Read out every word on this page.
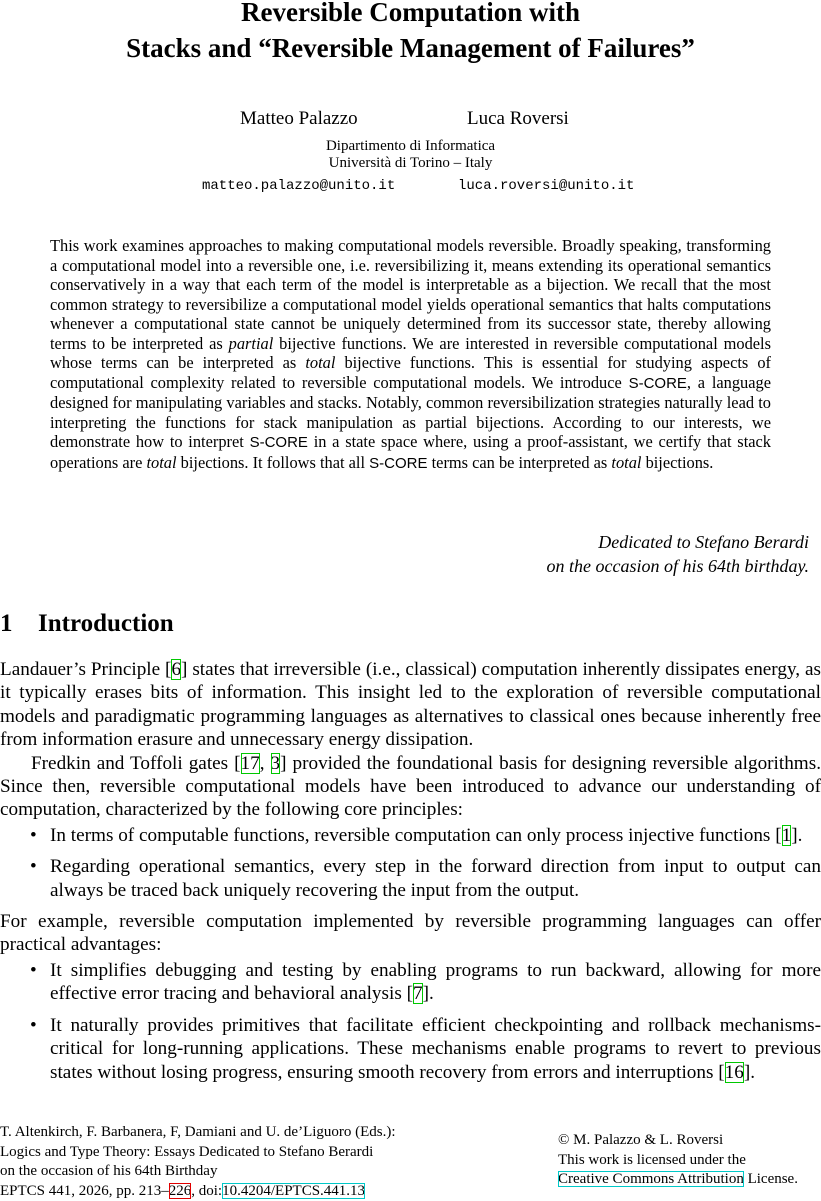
Reversible Computation with
Stacks and “Reversible Management of Failures”
Matteo Palazzo	Luca Roversi
Dipartimento di Informatica
Università di Torino – Italy
matteo.palazzo@unito.it	luca.roversi@unito.it

This work examines approaches to making computational models reversible. Broadly speaking, transforming a computational model into a reversible one, i.e. reversibilizing it, means extending its operational semantics conservatively in a way that each term of the model is interpretable as a bijection. We recall that the most common strategy to reversibilize a computational model yields operational semantics that halts computations whenever a computational state cannot be uniquely determined from its successor state, thereby allowing terms to be interpreted as partial bijective functions. We are interested in reversible computational models whose terms can be interpreted as total bijective functions. This is essential for studying aspects of computational complexity related to reversible computational models. We introduce S-CORE, a language designed for manipulating variables and stacks. Notably, common reversibilization strategies naturally lead to interpreting the functions for stack manipulation as partial bijections. According to our interests, we demonstrate how to interpret S-CORE in a state space where, using a proof-assistant, we certify that stack operations are total bijections. It follows that all S-CORE terms can be interpreted as total bijections.

Dedicated to Stefano Berardi
on the occasion of his 64th birthday.
1 Introduction

Landauer’s Principle [6] states that irreversible (i.e., classical) computation inherently dissipates energy, as it typically erases bits of information. This insight led to the exploration of reversible computational models and paradigmatic programming languages as alternatives to classical ones because inherently free from information erasure and unnecessary energy dissipation.

Fredkin and Toffoli gates [17, 3] provided the foundational basis for designing reversible algorithms. Since then, reversible computational models have been introduced to advance our understanding of computation, characterized by the following core principles:

• In terms of computable functions, reversible computation can only process injective functions [1].
• Regarding operational semantics, every step in the forward direction from input to output can always be traced back uniquely recovering the input from the output.

For example, reversible computation implemented by reversible programming languages can offer practical advantages:

• It simplifies debugging and testing by enabling programs to run backward, allowing for more effective error tracing and behavioral analysis [7].
• It naturally provides primitives that facilitate efficient checkpointing and rollback mechanisms-critical for long-running applications. These mechanisms enable programs to revert to previous states without losing progress, ensuring smooth recovery from errors and interruptions [16].
T. Altenkirch, F. Barbanera, F, Damiani and U. de’Liguoro (Eds.):
Logics and Type Theory: Essays Dedicated to Stefano Berardi
on the occasion of his 64th Birthday
EPTCS 441, 2026, pp. 213–226, doi:10.4204/EPTCS.441.13
© M. Palazzo & L. Roversi
This work is licensed under the
Creative Commons Attribution License.
